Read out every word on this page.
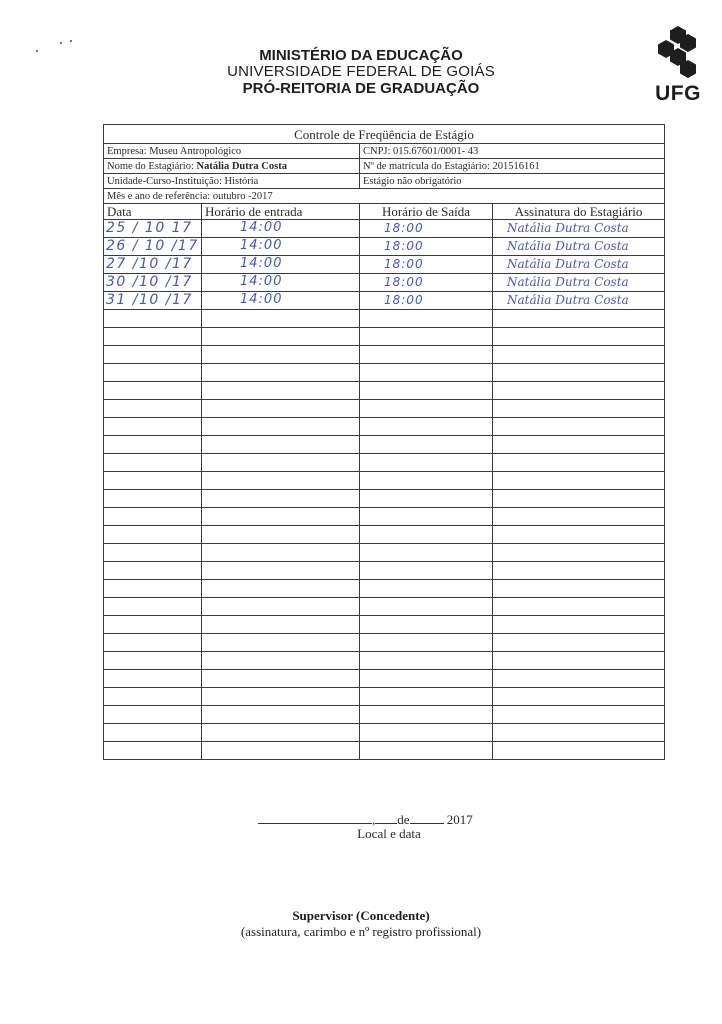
MINISTÉRIO DA EDUCAÇÃO
UNIVERSIDADE FEDERAL DE GOIÁS
PRÓ-REITORIA DE GRADUAÇÃO	UFG
Controle de Freqüência de Estágio			
Empresa: Museu Antropológico		CNPJ: 015.67601/0001- 43	
Nome do Estagiário: Natália Dutra Costa		Nº de matrícula do Estagiário: 201516161	
Unidade-Curso-Instituição: História		Estágio não obrigatório	
Mês e ano de referência: outubro -2017			
Data	Horário de entrada	Horário de Saída	Assinatura do Estagiário

25 / 10 17	14:00	18:00	Natália Dutra Costa

26 / 10 /17	14:00	18:00	Natália Dutra Costa

27 /10 /17	14:00	18:00	Natália Dutra Costa

30 /10 /17	14:00	18:00	Natália Dutra Costa

31 /10 /17	14:00	18:00	Natália Dutra Costa

, de	2017
Local e data
Supervisor (Concedente)
(assinatura, carimbo e nº registro profissional)
